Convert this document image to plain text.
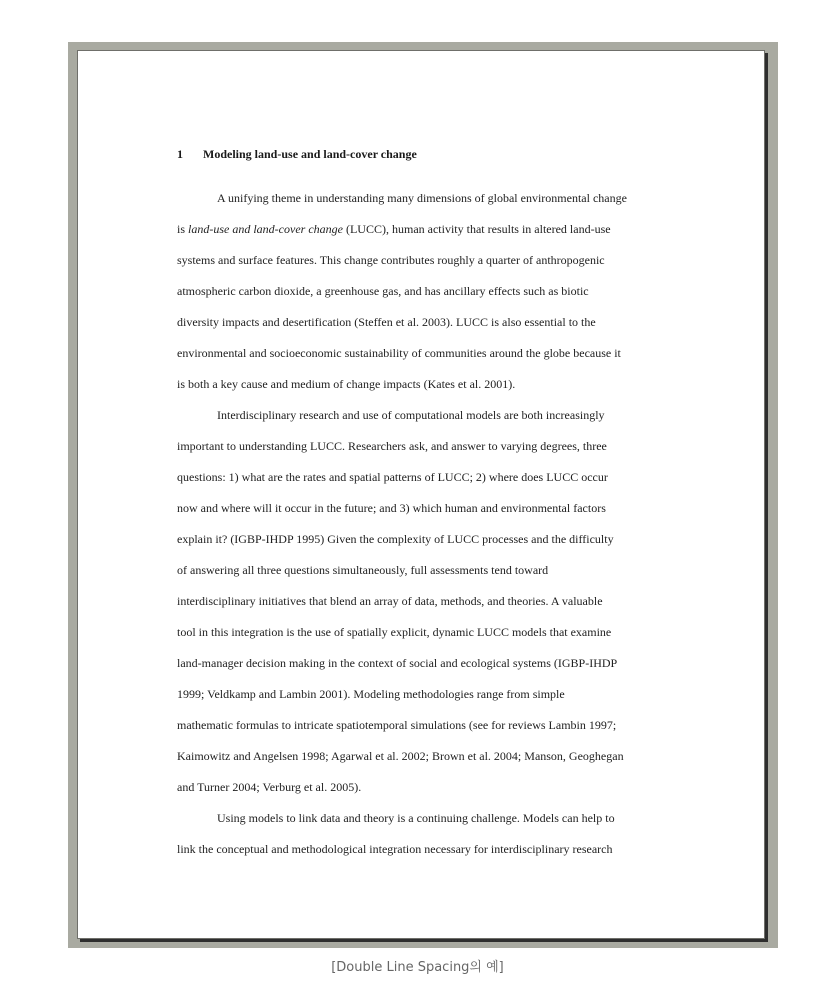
1 Modeling land-use and land-cover change
A unifying theme in understanding many dimensions of global environmental change
is land-use and land-cover change (LUCC), human activity that results in altered land-use
systems and surface features. This change contributes roughly a quarter of anthropogenic
atmospheric carbon dioxide, a greenhouse gas, and has ancillary effects such as biotic
diversity impacts and desertification (Steffen et al. 2003). LUCC is also essential to the
environmental and socioeconomic sustainability of communities around the globe because it
is both a key cause and medium of change impacts (Kates et al. 2001).
Interdisciplinary research and use of computational models are both increasingly
important to understanding LUCC. Researchers ask, and answer to varying degrees, three
questions: 1) what are the rates and spatial patterns of LUCC; 2) where does LUCC occur
now and where will it occur in the future; and 3) which human and environmental factors
explain it? (IGBP-IHDP 1995) Given the complexity of LUCC processes and the difficulty
of answering all three questions simultaneously, full assessments tend toward
interdisciplinary initiatives that blend an array of data, methods, and theories. A valuable
tool in this integration is the use of spatially explicit, dynamic LUCC models that examine
land-manager decision making in the context of social and ecological systems (IGBP-IHDP
1999; Veldkamp and Lambin 2001). Modeling methodologies range from simple
mathematic formulas to intricate spatiotemporal simulations (see for reviews Lambin 1997;
Kaimowitz and Angelsen 1998; Agarwal et al. 2002; Brown et al. 2004; Manson, Geoghegan
and Turner 2004; Verburg et al. 2005).
Using models to link data and theory is a continuing challenge. Models can help to
link the conceptual and methodological integration necessary for interdisciplinary research
[Double Line Spacing의 예]
